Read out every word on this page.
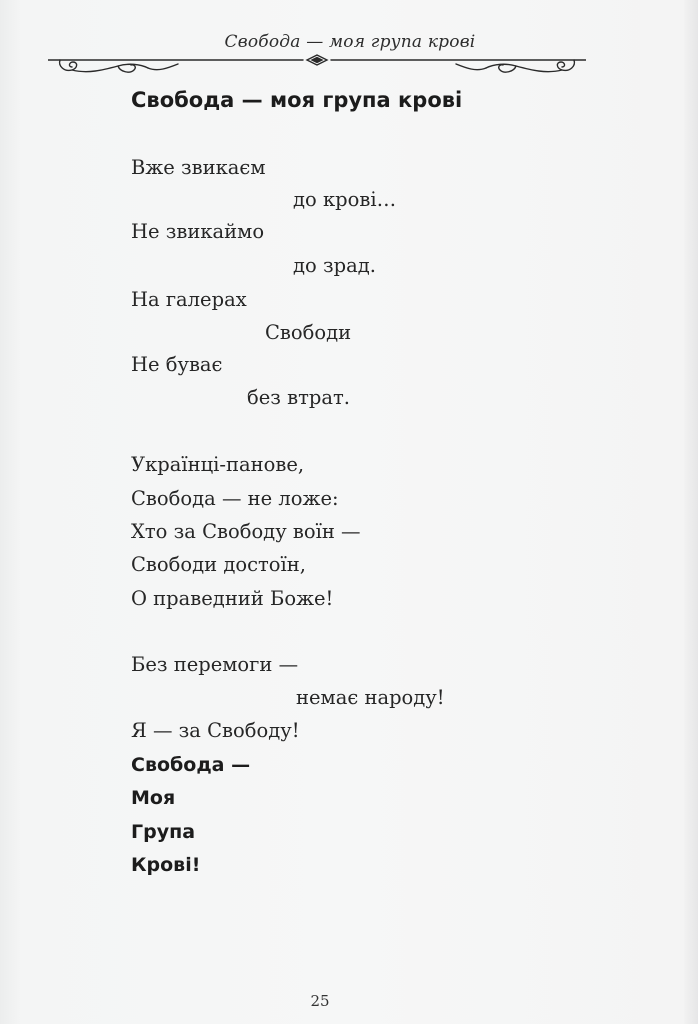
Свобода — моя група крові
Свобода — моя група крові
Вже звикаєм
до крові…
Не звикаймо
до зрад.
На галерах
Свободи
Не буває
без втрат.
Українці-панове,
Свобода — не ложе:
Хто за Свободу воїн —
Свободи достоїн,
О праведний Боже!
Без перемоги —
немає народу!
Я — за Свободу!
Свобода —
Моя
Група
Крові!
25
